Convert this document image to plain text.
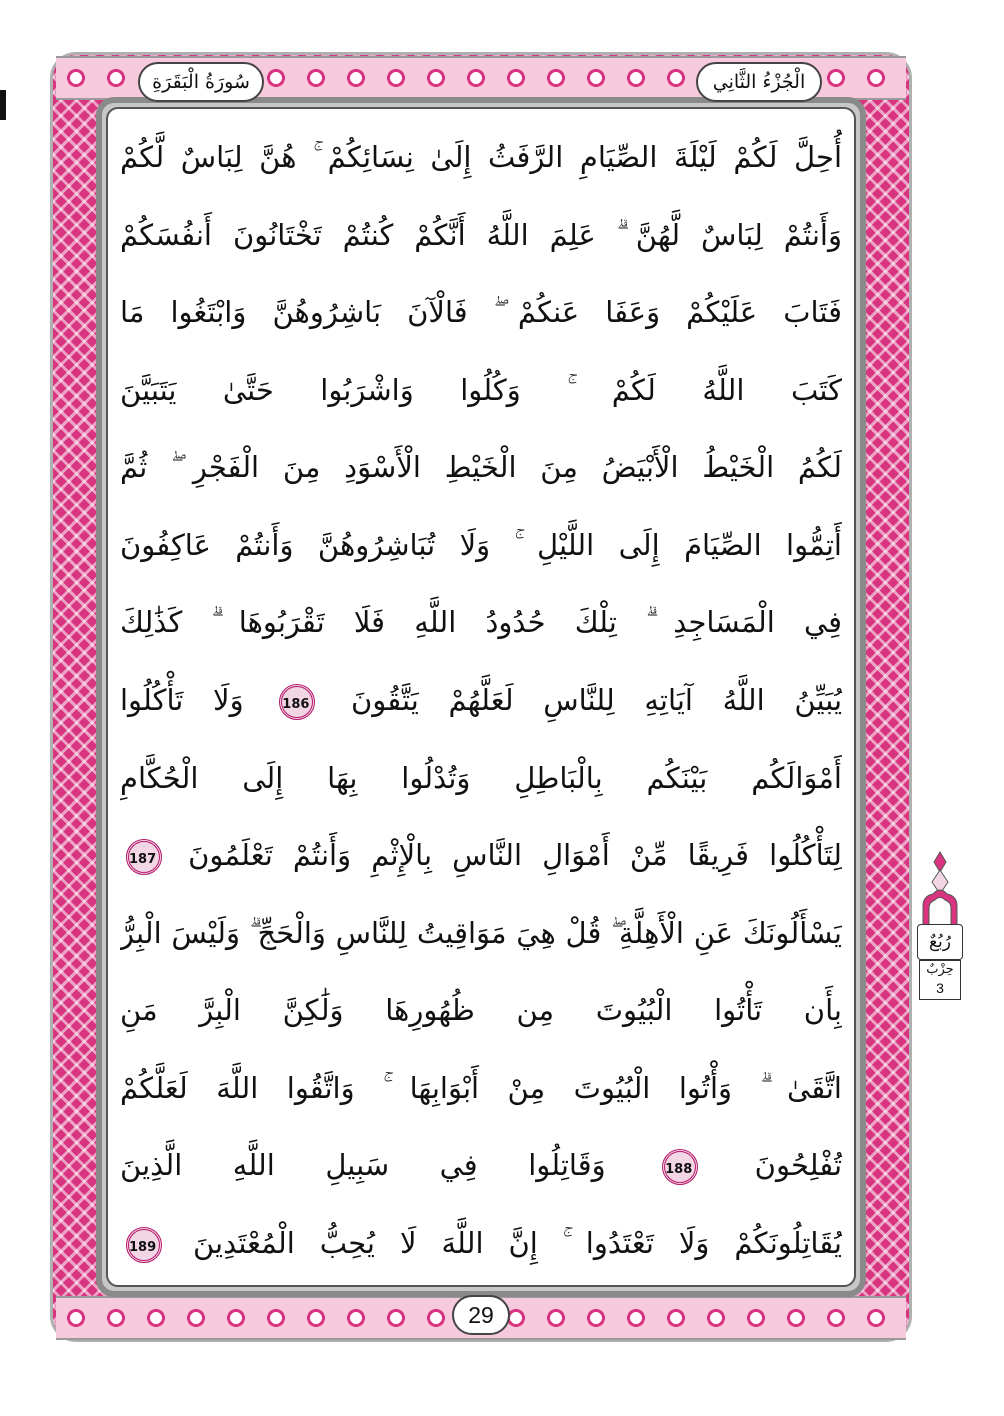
الْجُزْءُ الثَّانِي
سُورَةُ الْبَقَرَةِ
أُحِلَّ لَكُمْ لَيْلَةَ الصِّيَامِ الرَّفَثُ إِلَىٰ نِسَائِكُمْ ۚ هُنَّ لِبَاسٌ لَّكُمْ
وَأَنتُمْ لِبَاسٌ لَّهُنَّ ۗ عَلِمَ اللَّهُ أَنَّكُمْ كُنتُمْ تَخْتَانُونَ أَنفُسَكُمْ
فَتَابَ عَلَيْكُمْ وَعَفَا عَنكُمْ ۖ فَالْآنَ بَاشِرُوهُنَّ وَابْتَغُوا مَا
كَتَبَ اللَّهُ لَكُمْ ۚ وَكُلُوا وَاشْرَبُوا حَتَّىٰ يَتَبَيَّنَ
لَكُمُ الْخَيْطُ الْأَبْيَضُ مِنَ الْخَيْطِ الْأَسْوَدِ مِنَ الْفَجْرِ ۖ ثُمَّ
أَتِمُّوا الصِّيَامَ إِلَى اللَّيْلِ ۚ وَلَا تُبَاشِرُوهُنَّ وَأَنتُمْ عَاكِفُونَ
فِي الْمَسَاجِدِ ۗ تِلْكَ حُدُودُ اللَّهِ فَلَا تَقْرَبُوهَا ۗ كَذَٰلِكَ
يُبَيِّنُ اللَّهُ آيَاتِهِ لِلنَّاسِ لَعَلَّهُمْ يَتَّقُونَ 186 وَلَا تَأْكُلُوا
أَمْوَالَكُم بَيْنَكُم بِالْبَاطِلِ وَتُدْلُوا بِهَا إِلَى الْحُكَّامِ
لِتَأْكُلُوا فَرِيقًا مِّنْ أَمْوَالِ النَّاسِ بِالْإِثْمِ وَأَنتُمْ تَعْلَمُونَ 187
يَسْأَلُونَكَ عَنِ الْأَهِلَّةِ ۖ قُلْ هِيَ مَوَاقِيتُ لِلنَّاسِ وَالْحَجِّ ۗ وَلَيْسَ الْبِرُّ
بِأَن تَأْتُوا الْبُيُوتَ مِن ظُهُورِهَا وَلَٰكِنَّ الْبِرَّ مَنِ
اتَّقَىٰ ۗ وَأْتُوا الْبُيُوتَ مِنْ أَبْوَابِهَا ۚ وَاتَّقُوا اللَّهَ لَعَلَّكُمْ
تُفْلِحُونَ 188 وَقَاتِلُوا فِي سَبِيلِ اللَّهِ الَّذِينَ
يُقَاتِلُونَكُمْ وَلَا تَعْتَدُوا ۚ إِنَّ اللَّهَ لَا يُحِبُّ الْمُعْتَدِينَ 189
29
رُبُعٌ
حِزْبٌ
3
